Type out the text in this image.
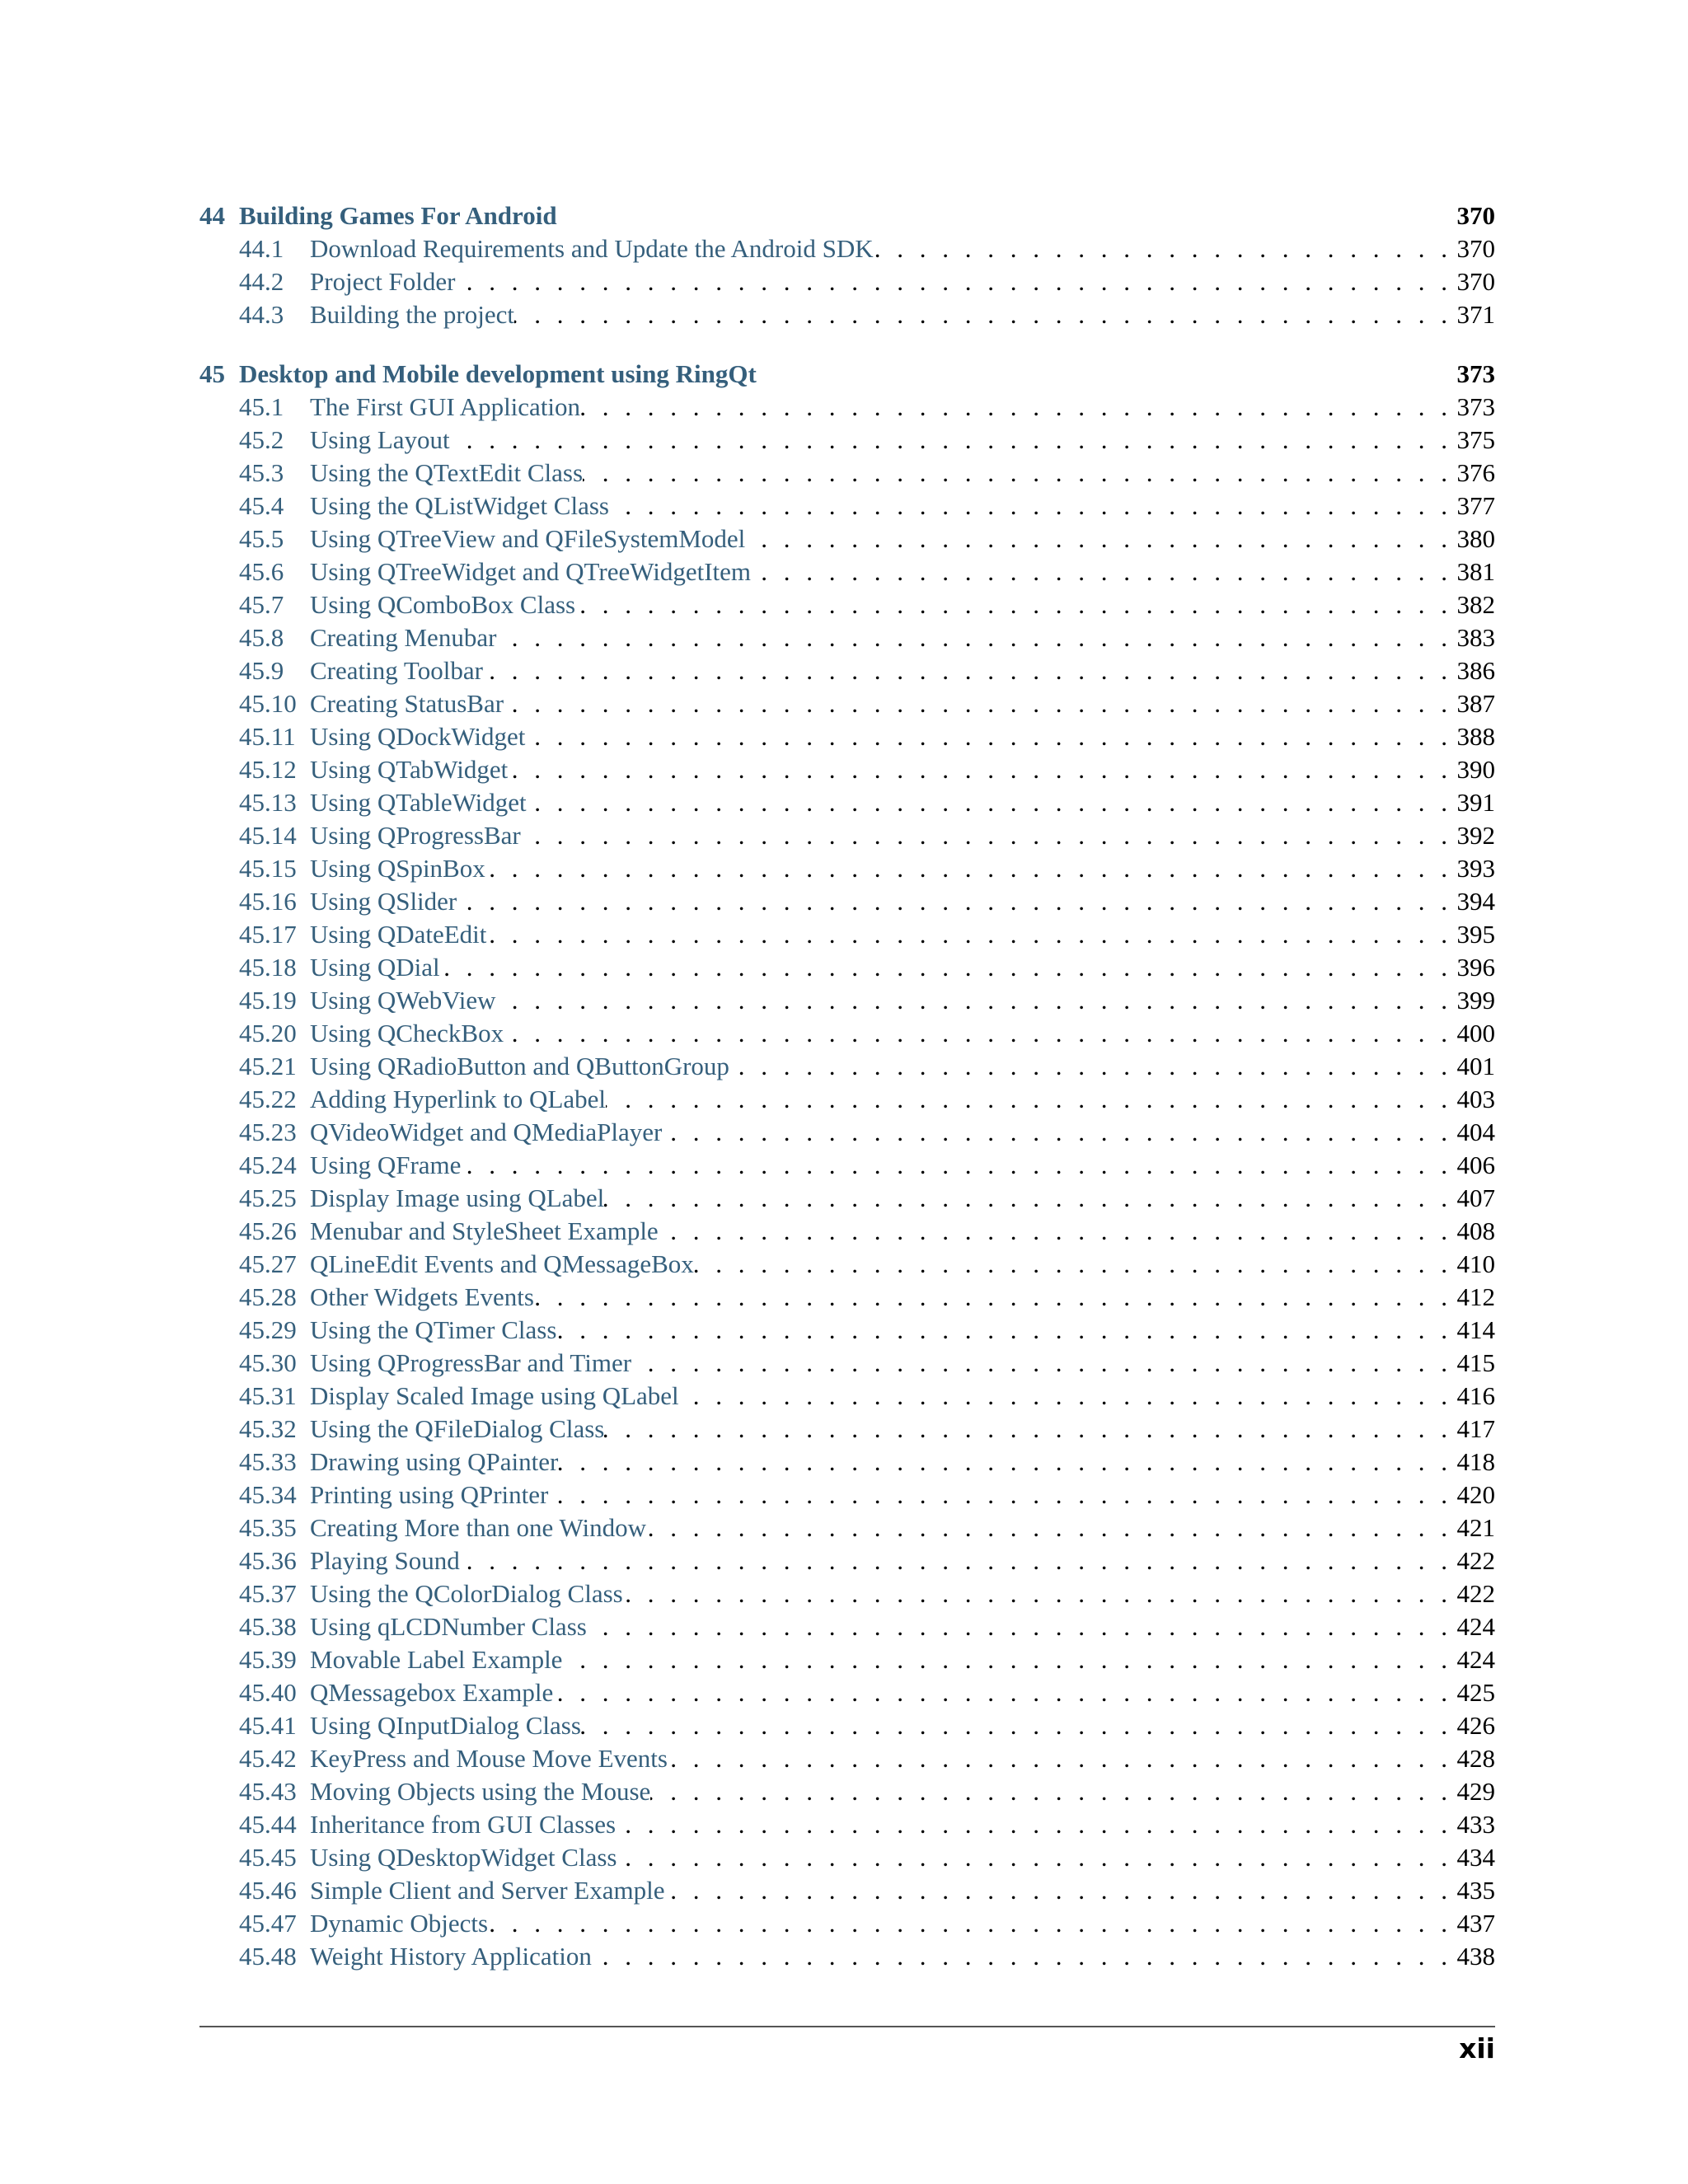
44 Building Games For Android	370
44.1	Download Requirements and Update the Android SDK . . .	370
44.2	Project Folder . . .	370
44.3	Building the project . . .	371
45 Desktop and Mobile development using RingQt	373
45.1	The First GUI Application . . .	373
45.2	Using Layout . . .	375
45.3	Using the QTextEdit Class . . .	376
45.4	Using the QListWidget Class . . .	377
45.5	Using QTreeView and QFileSystemModel . . .	380
45.6	Using QTreeWidget and QTreeWidgetItem . . .	381
45.7	Using QComboBox Class . . .	382
45.8	Creating Menubar . . .	383
45.9	Creating Toolbar . . .	386
45.10 Creating StatusBar . . .	387
45.11 Using QDockWidget . . .	388
45.12 Using QTabWidget . . .	390
45.13 Using QTableWidget . . .	391
45.14 Using QProgressBar . . .	392
45.15 Using QSpinBox . . .	393
45.16 Using QSlider . . .	394
45.17 Using QDateEdit . . .	395
45.18 Using QDial . . .	396
45.19 Using QWebView . . .	399
45.20 Using QCheckBox . . .	400
45.21 Using QRadioButton and QButtonGroup . . .	401
45.22 Adding Hyperlink to QLabel . . .	403
45.23 QVideoWidget and QMediaPlayer . . .	404
45.24 Using QFrame . . .	406
45.25 Display Image using QLabel . . .	407
45.26 Menubar and StyleSheet Example . . .	408
45.27 QLineEdit Events and QMessageBox . . .	410
45.28 Other Widgets Events . . .	412
45.29 Using the QTimer Class . . .	414
45.30 Using QProgressBar and Timer . . .	415
45.31 Display Scaled Image using QLabel . . .	416
45.32 Using the QFileDialog Class . . .	417
45.33 Drawing using QPainter . . .	418
45.34 Printing using QPrinter . . .	420
45.35 Creating More than one Window . . .	421
45.36 Playing Sound . . .	422
45.37 Using the QColorDialog Class . . .	422
45.38 Using qLCDNumber Class . . .	424
45.39 Movable Label Example . . .	424
45.40 QMessagebox Example . . .	425
45.41 Using QInputDialog Class . . .	426
45.42 KeyPress and Mouse Move Events . . .	428
45.43 Moving Objects using the Mouse . . .	429
45.44 Inheritance from GUI Classes . . .	433
45.45 Using QDesktopWidget Class . . .	434
45.46 Simple Client and Server Example . . .	435
45.47 Dynamic Objects . . .	437
45.48 Weight History Application . . .	438
xii
